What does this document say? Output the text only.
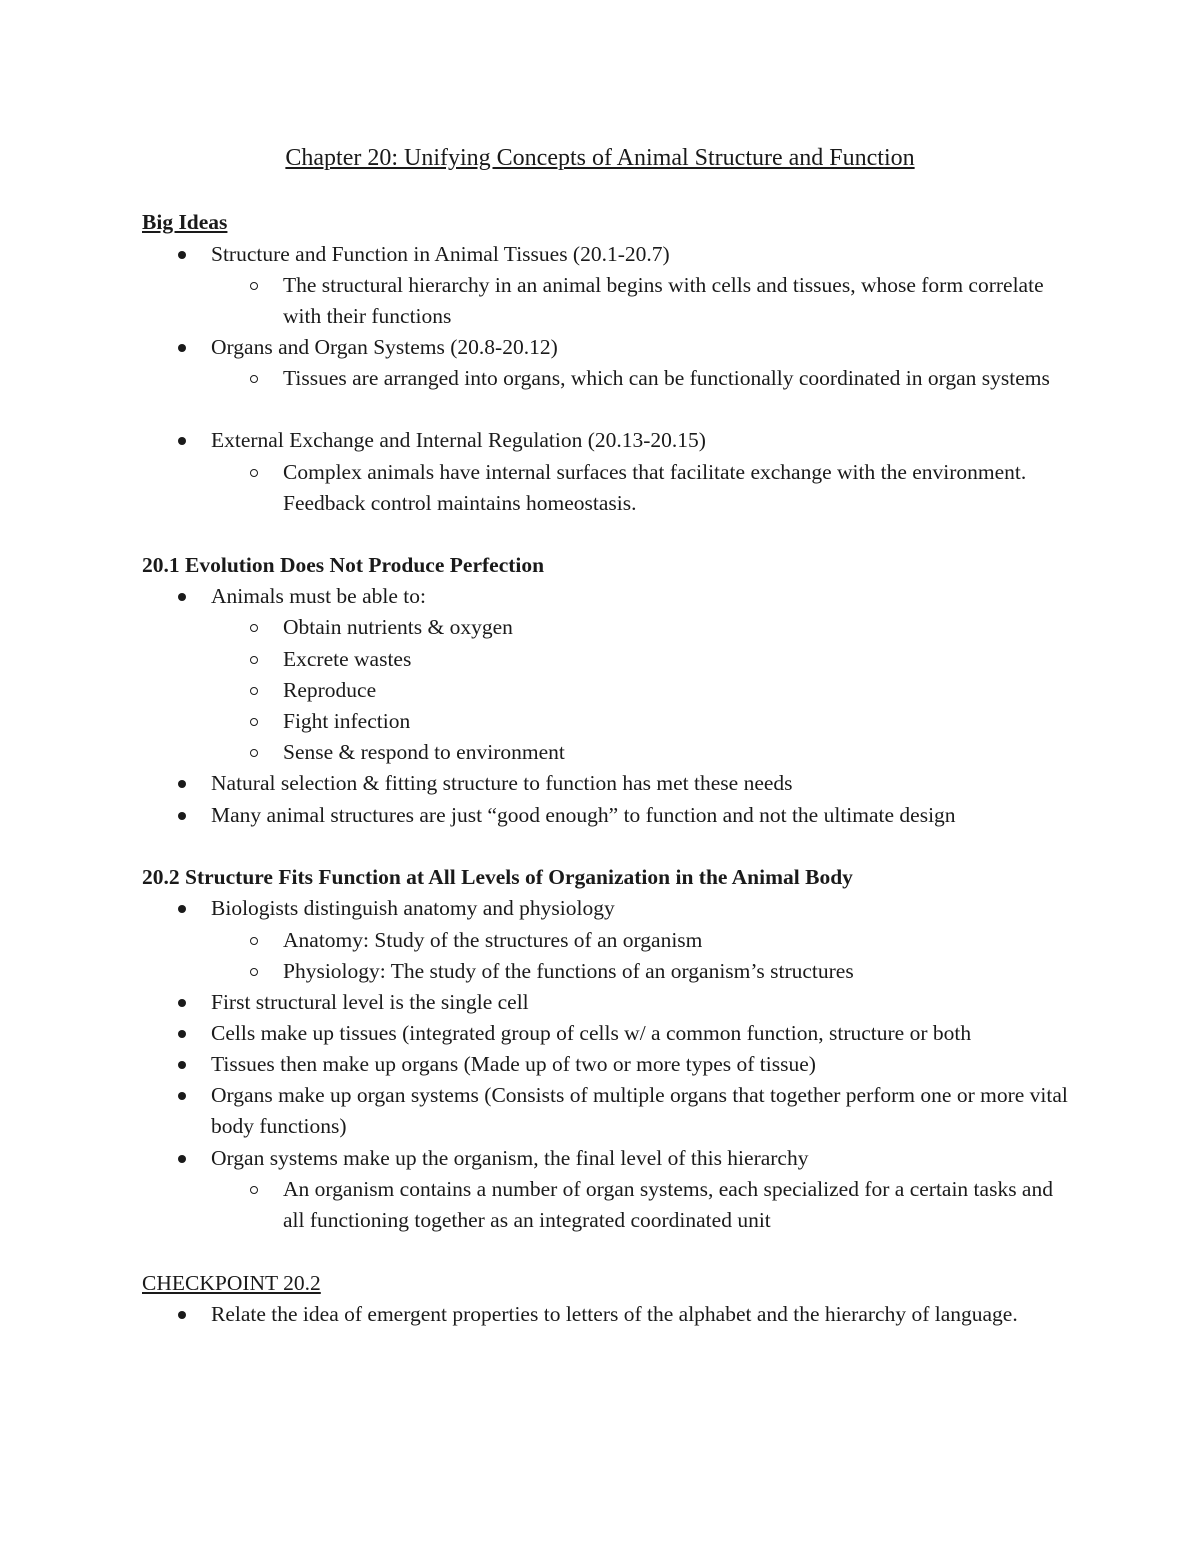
Chapter 20: Unifying Concepts of Animal Structure and Function
Big Ideas
Structure and Function in Animal Tissues (20.1-20.7)
The structural hierarchy in an animal begins with cells and tissues, whose form correlate with their functions
Organs and Organ Systems (20.8-20.12)
Tissues are arranged into organs, which can be functionally coordinated in organ systems
External Exchange and Internal Regulation (20.13-20.15)
Complex animals have internal surfaces that facilitate exchange with the environment. Feedback control maintains homeostasis.
20.1 Evolution Does Not Produce Perfection
Animals must be able to:
Obtain nutrients & oxygen
Excrete wastes
Reproduce
Fight infection
Sense & respond to environment
Natural selection & fitting structure to function has met these needs
Many animal structures are just “good enough” to function and not the ultimate design
20.2 Structure Fits Function at All Levels of Organization in the Animal Body
Biologists distinguish anatomy and physiology
Anatomy: Study of the structures of an organism
Physiology: The study of the functions of an organism’s structures
First structural level is the single cell
Cells make up tissues (integrated group of cells w/ a common function, structure or both
Tissues then make up organs (Made up of two or more types of tissue)
Organs make up organ systems (Consists of multiple organs that together perform one or more vital body functions)
Organ systems make up the organism, the final level of this hierarchy
An organism contains a number of organ systems, each specialized for a certain tasks and all functioning together as an integrated coordinated unit
CHECKPOINT 20.2
Relate the idea of emergent properties to letters of the alphabet and the hierarchy of language.
